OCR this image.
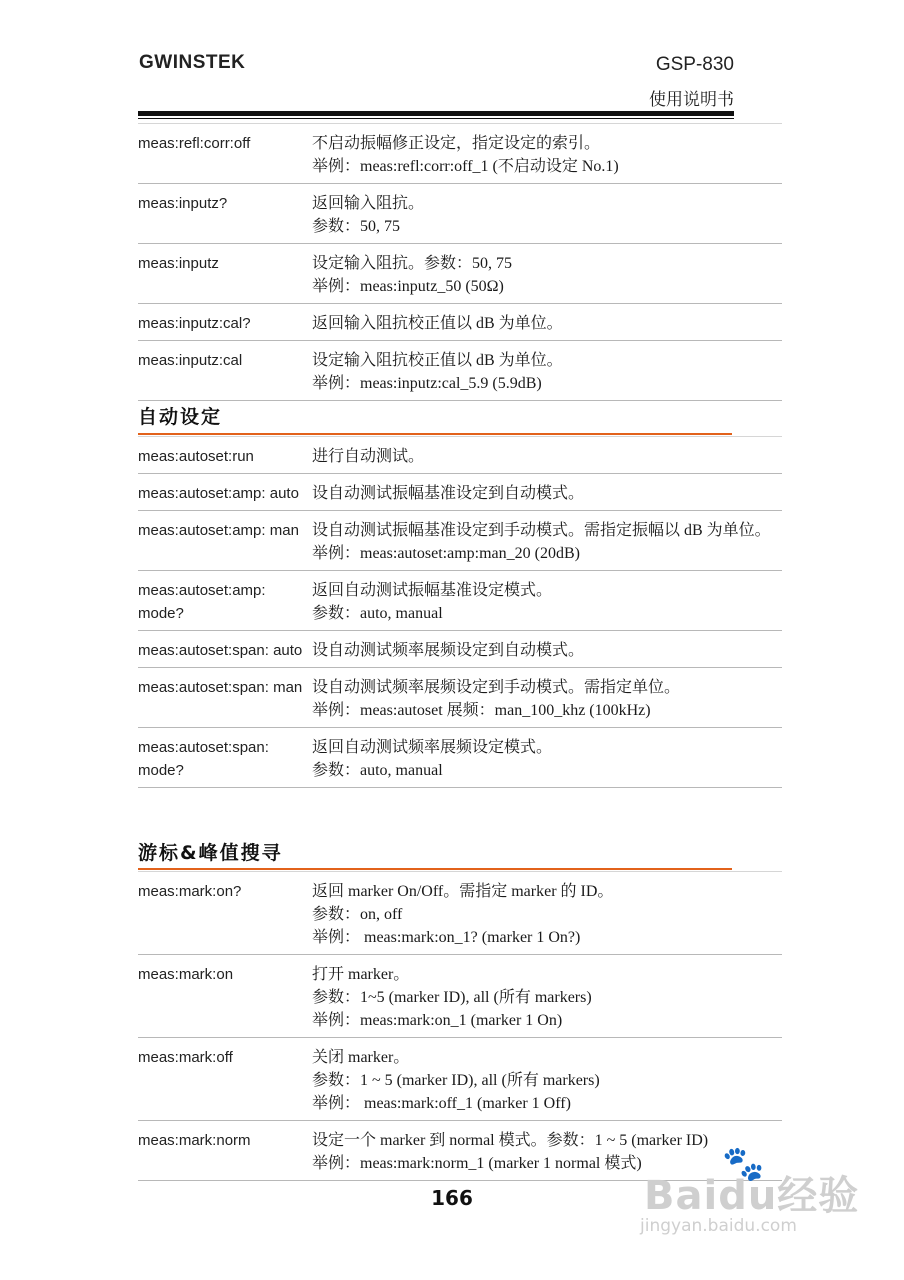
GWINSTEK	GSP-830
使用说明书
meas:refl:corr:off	不启动振幅修正设定，指定设定的索引。
举例：meas:refl:corr:off_1 (不启动设定 No.1)
meas:inputz?	返回输入阻抗。
参数：50, 75
meas:inputz	设定输入阻抗。参数：50, 75
举例：meas:inputz_50 (50Ω)
meas:inputz:cal?	返回输入阻抗校正值以 dB 为单位。
meas:inputz:cal	设定输入阻抗校正值以 dB 为单位。
举例：meas:inputz:cal_5.9 (5.9dB)
自动设定
meas:autoset:run	进行自动测试。
meas:autoset:amp: auto 设自动测试振幅基准设定到自动模式。
meas:autoset:amp: man 设自动测试振幅基准设定到手动模式。需指定振幅以 dB 为单位。
举例：meas:autoset:amp:man_20 (20dB)
meas:autoset:amp: mode?
返回自动测试振幅基准设定模式。
参数：auto, manual
meas:autoset:span: auto 设自动测试频率展频设定到自动模式。
meas:autoset:span: man 设自动测试频率展频设定到手动模式。需指定单位。
举例：meas:autoset 展频：man_100_khz (100kHz)
meas:autoset:span: mode?
返回自动测试频率展频设定模式。
参数：auto, manual
游标&峰值搜寻
meas:mark:on?	返回 marker On/Off。需指定 marker 的 ID。
参数：on, off
举例： meas:mark:on_1? (marker 1 On?)
meas:mark:on	打开 marker。
参数：1~5 (marker ID), all (所有 markers)
举例：meas:mark:on_1 (marker 1 On)
meas:mark:off	关闭 marker。
参数：1 ~ 5 (marker ID), all (所有 markers)
举例： meas:mark:off_1 (marker 1 Off)
meas:mark:norm	设定一个 marker 到 normal 模式。参数：1 ~ 5 (marker ID)
举例：meas:mark:norm_1 (marker 1 normal 模式)
166
🐾
Baidu经验
jingyan.baidu.com
